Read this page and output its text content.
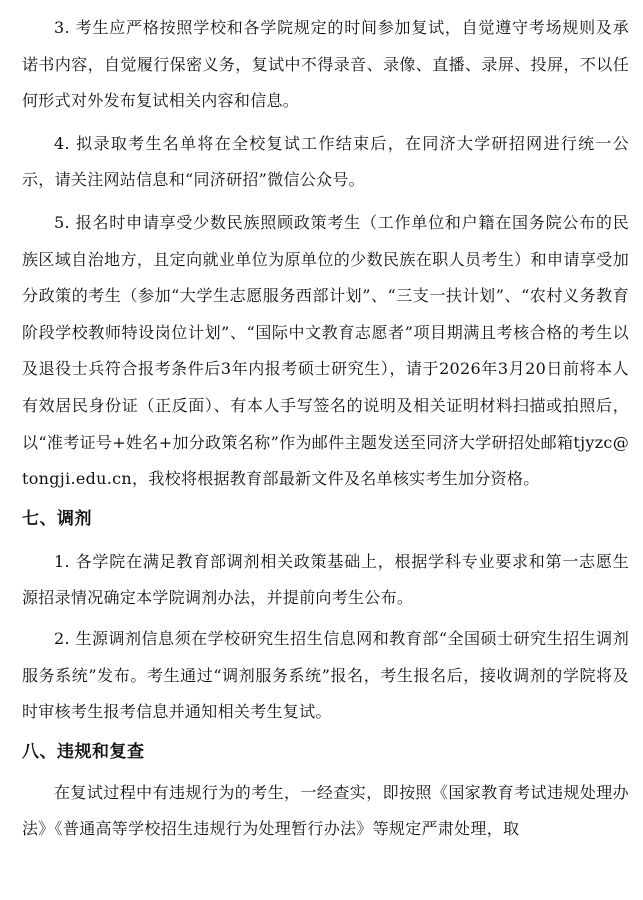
3. 考生应严格按照学校和各学院规定的时间参加复试，自觉遵守考场规则及承诺书内容，自觉履行保密义务，复试中不得录音、录像、直播、录屏、投屏，不以任何形式对外发布复试相关内容和信息。

4. 拟录取考生名单将在全校复试工作结束后，在同济大学研招网进行统一公示，请关注网站信息和“同济研招”微信公众号。

5. 报名时申请享受少数民族照顾政策考生（工作单位和户籍在国务院公布的民族区域自治地方，且定向就业单位为原单位的少数民族在职人员考生）和申请享受加分政策的考生（参加“大学生志愿服务西部计划”、“三支一扶计划”、“农村义务教育阶段学校教师特设岗位计划”、“国际中文教育志愿者”项目期满且考核合格的考生以及退役士兵符合报考条件后3年内报考硕士研究生），请于2026年3月20日前将本人有效居民身份证（正反面）、有本人手写签名的说明及相关证明材料扫描或拍照后，以“准考证号+姓名+加分政策名称”作为邮件主题发送至同济大学研招处邮箱tjyzc@tongji.edu.cn，我校将根据教育部最新文件及名单核实考生加分资格。

七、调剂

1. 各学院在满足教育部调剂相关政策基础上，根据学科专业要求和第一志愿生源招录情况确定本学院调剂办法，并提前向考生公布。

2. 生源调剂信息须在学校研究生招生信息网和教育部“全国硕士研究生招生调剂服务系统”发布。考生通过“调剂服务系统”报名，考生报名后，接收调剂的学院将及时审核考生报考信息并通知相关考生复试。

八、违规和复查

在复试过程中有违规行为的考生，一经查实，即按照《国家教育考试违规处理办法》《普通高等学校招生违规行为处理暂行办法》等规定严肃处理，取
